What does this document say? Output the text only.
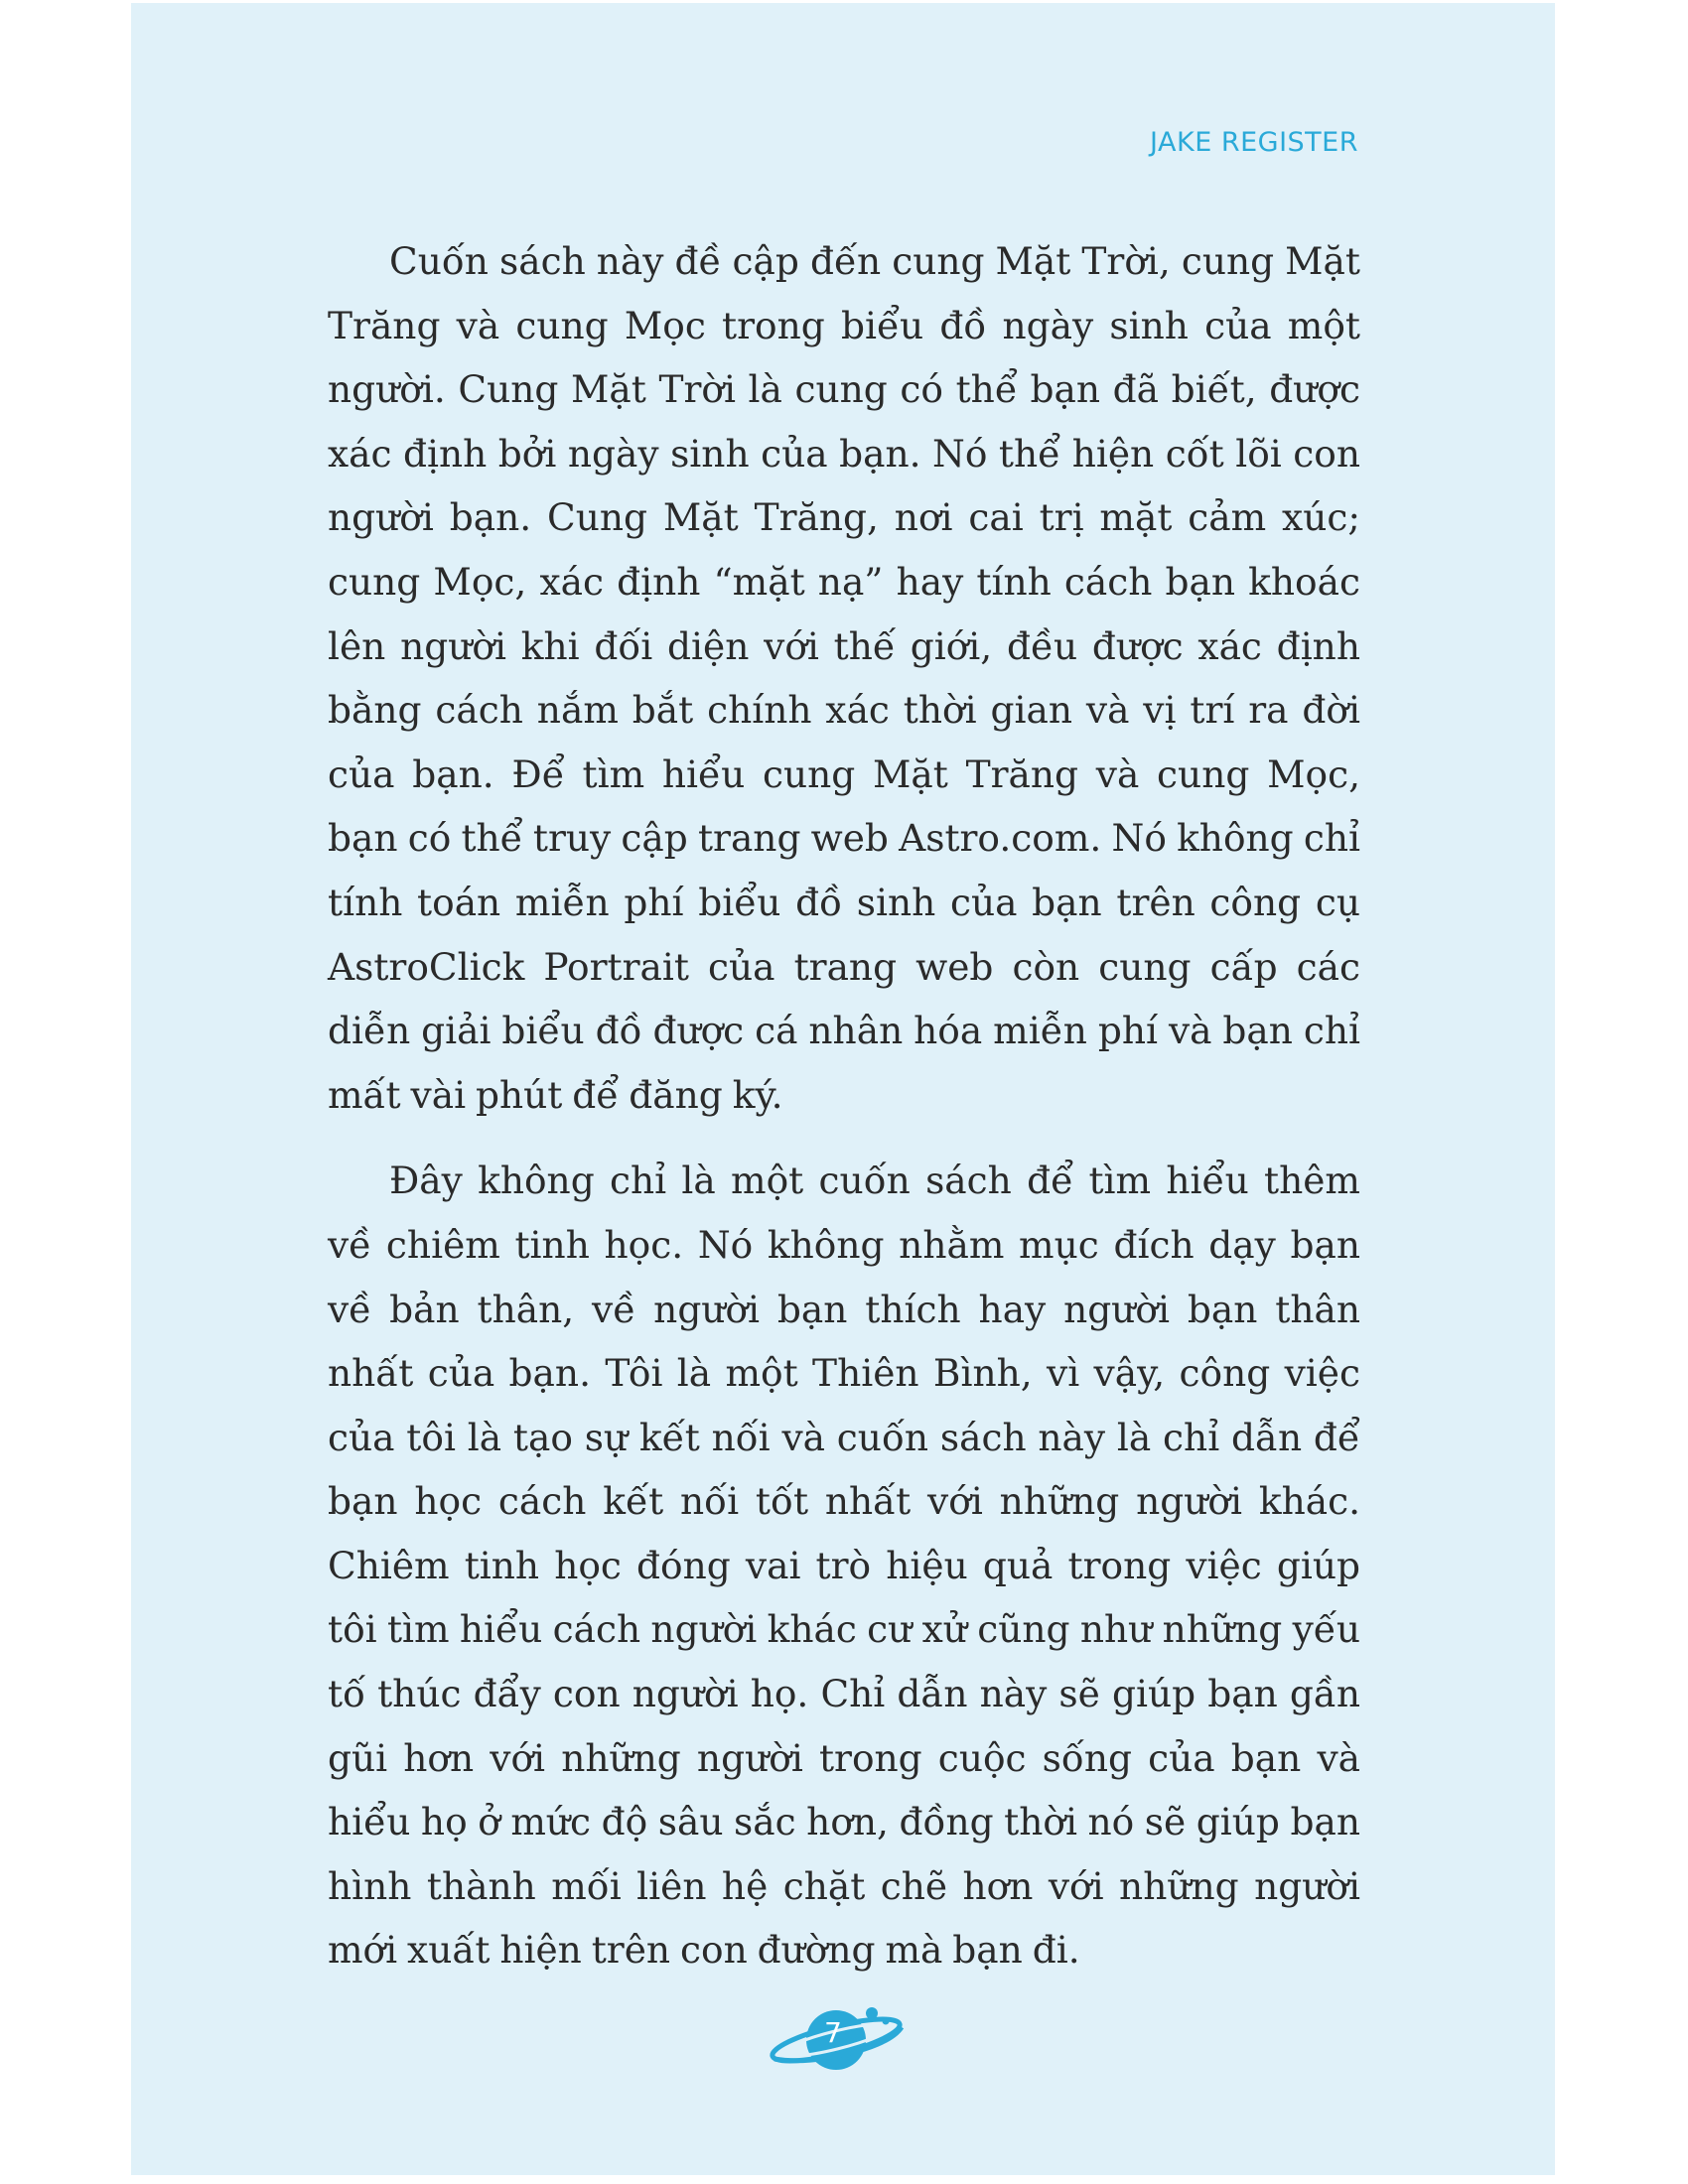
JAKE REGISTER

Cuốn sách này đề cập đến cung Mặt Trời, cung Mặt Trăng và cung Mọc trong biểu đồ ngày sinh của một người. Cung Mặt Trời là cung có thể bạn đã biết, được xác định bởi ngày sinh của bạn. Nó thể hiện cốt lõi con người bạn. Cung Mặt Trăng, nơi cai trị mặt cảm xúc; cung Mọc, xác định “mặt nạ” hay tính cách bạn khoác lên người khi đối diện với thế giới, đều được xác định bằng cách nắm bắt chính xác thời gian và vị trí ra đời của bạn. Để tìm hiểu cung Mặt Trăng và cung Mọc, bạn có thể truy cập trang web Astro.com. Nó không chỉ tính toán miễn phí biểu đồ sinh của bạn trên công cụ AstroClick Portrait của trang web còn cung cấp các diễn giải biểu đồ được cá nhân hóa miễn phí và bạn chỉ mất vài phút để đăng ký.

Đây không chỉ là một cuốn sách để tìm hiểu thêm về chiêm tinh học. Nó không nhằm mục đích dạy bạn về bản thân, về người bạn thích hay người bạn thân nhất của bạn. Tôi là một Thiên Bình, vì vậy, công việc của tôi là tạo sự kết nối và cuốn sách này là chỉ dẫn để bạn học cách kết nối tốt nhất với những người khác. Chiêm tinh học đóng vai trò hiệu quả trong việc giúp tôi tìm hiểu cách người khác cư xử cũng như những yếu tố thúc đẩy con người họ. Chỉ dẫn này sẽ giúp bạn gần gũi hơn với những người trong cuộc sống của bạn và hiểu họ ở mức độ sâu sắc hơn, đồng thời nó sẽ giúp bạn hình thành mối liên hệ chặt chẽ hơn với những người mới xuất hiện trên con đường mà bạn đi.

7
